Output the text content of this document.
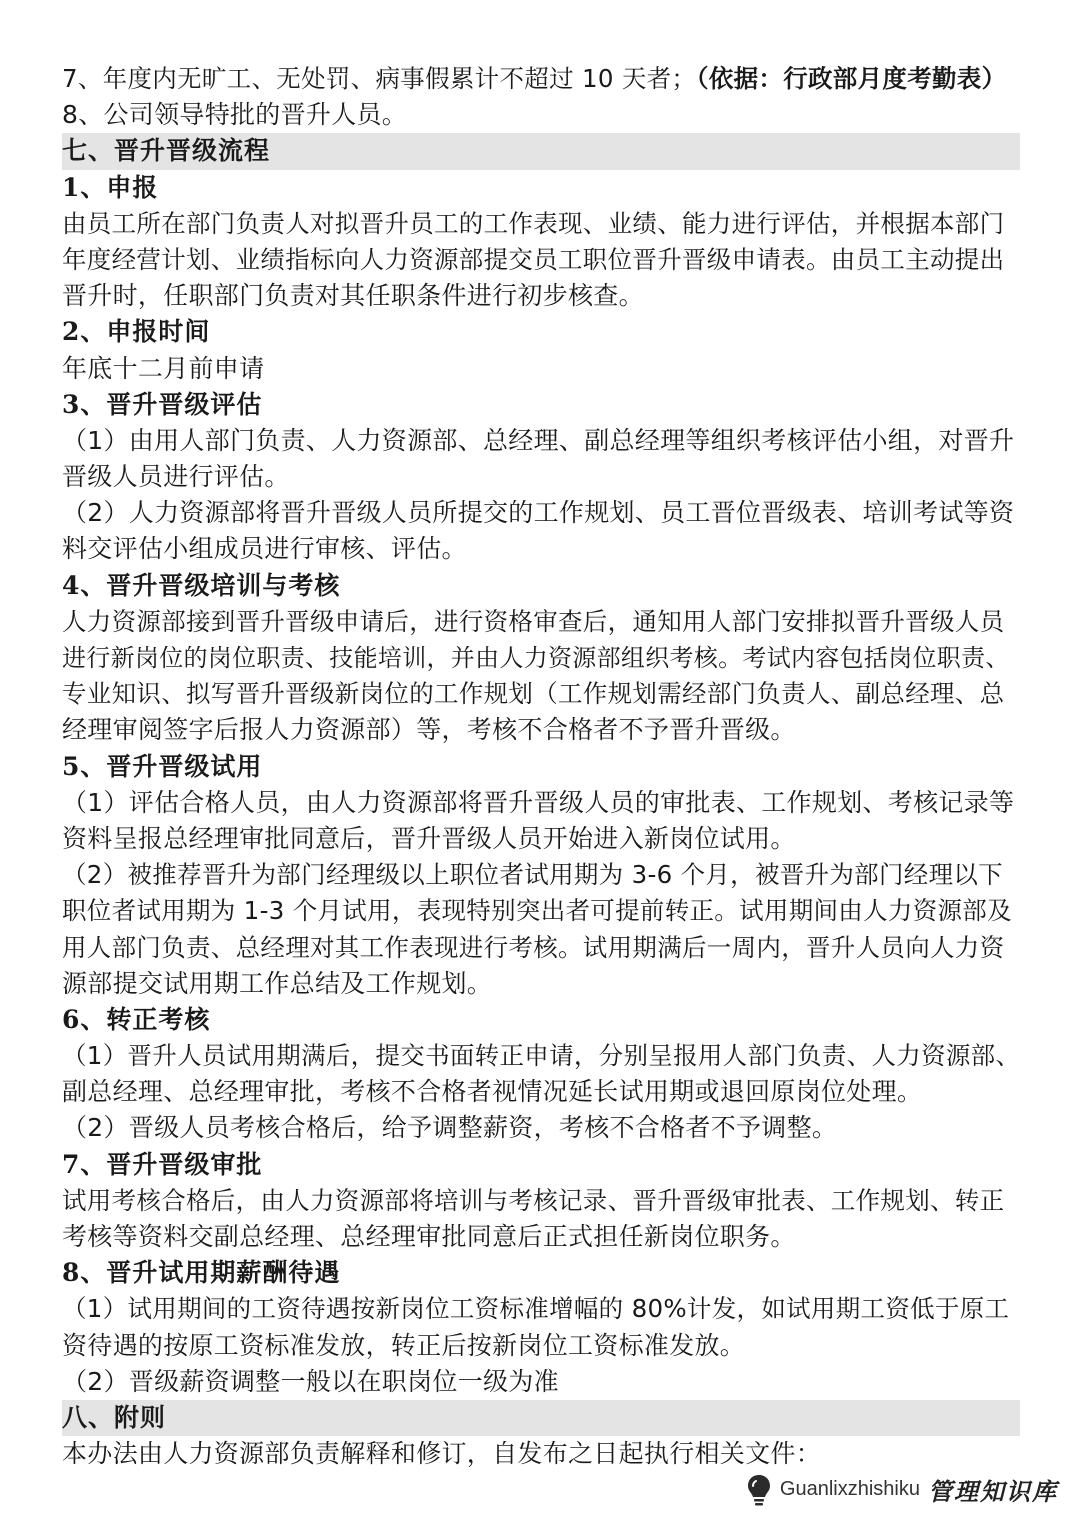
7、年度内无旷工、无处罚、病事假累计不超过 10 天者；（依据：行政部月度考勤表）
8、公司领导特批的晋升人员。
七、晋升晋级流程
1、申报
由员工所在部门负责人对拟晋升员工的工作表现、业绩、能力进行评估，并根据本部门
年度经营计划、业绩指标向人力资源部提交员工职位晋升晋级申请表。由员工主动提出
晋升时，任职部门负责对其任职条件进行初步核查。
2、申报时间
年底十二月前申请
3、晋升晋级评估
（1）由用人部门负责、人力资源部、总经理、副总经理等组织考核评估小组，对晋升
晋级人员进行评估。
（2）人力资源部将晋升晋级人员所提交的工作规划、员工晋位晋级表、培训考试等资
料交评估小组成员进行审核、评估。
4、晋升晋级培训与考核
人力资源部接到晋升晋级申请后，进行资格审查后，通知用人部门安排拟晋升晋级人员
进行新岗位的岗位职责、技能培训，并由人力资源部组织考核。考试内容包括岗位职责、
专业知识、拟写晋升晋级新岗位的工作规划（工作规划需经部门负责人、副总经理、总
经理审阅签字后报人力资源部）等，考核不合格者不予晋升晋级。
5、晋升晋级试用
（1）评估合格人员，由人力资源部将晋升晋级人员的审批表、工作规划、考核记录等
资料呈报总经理审批同意后，晋升晋级人员开始进入新岗位试用。
（2）被推荐晋升为部门经理级以上职位者试用期为 3-6 个月，被晋升为部门经理以下
职位者试用期为 1-3 个月试用，表现特别突出者可提前转正。试用期间由人力资源部及
用人部门负责、总经理对其工作表现进行考核。试用期满后一周内，晋升人员向人力资
源部提交试用期工作总结及工作规划。
6、转正考核
（1）晋升人员试用期满后，提交书面转正申请，分别呈报用人部门负责、人力资源部、
副总经理、总经理审批，考核不合格者视情况延长试用期或退回原岗位处理。
（2）晋级人员考核合格后，给予调整薪资，考核不合格者不予调整。
7、晋升晋级审批
试用考核合格后，由人力资源部将培训与考核记录、晋升晋级审批表、工作规划、转正
考核等资料交副总经理、总经理审批同意后正式担任新岗位职务。
8、晋升试用期薪酬待遇
（1）试用期间的工资待遇按新岗位工资标准增幅的 80%计发，如试用期工资低于原工
资待遇的按原工资标准发放，转正后按新岗位工资标准发放。
（2）晋级薪资调整一般以在职岗位一级为准
八、附则
本办法由人力资源部负责解释和修订，自发布之日起执行相关文件：
Guanlixzhishiku 管理知识库
